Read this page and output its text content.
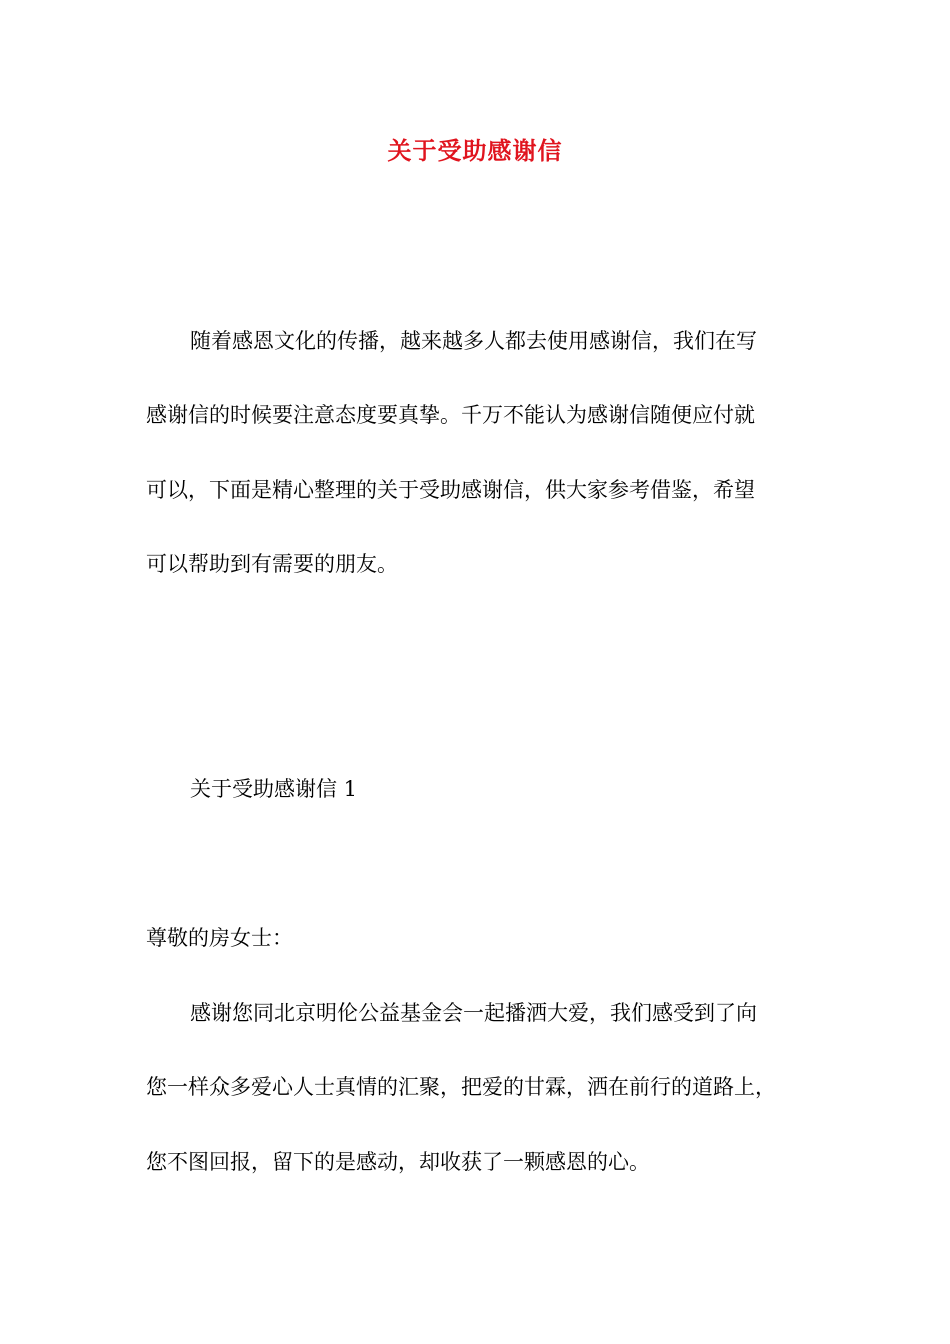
关于受助感谢信
随着感恩文化的传播，越来越多人都去使用感谢信，我们在写
感谢信的时候要注意态度要真挚。千万不能认为感谢信随便应付就
可以，下面是精心整理的关于受助感谢信，供大家参考借鉴，希望
可以帮助到有需要的朋友。
关于受助感谢信 1
尊敬的房女士：
感谢您同北京明伦公益基金会一起播洒大爱，我们感受到了向
您一样众多爱心人士真情的汇聚，把爱的甘霖，洒在前行的道路上，
您不图回报，留下的是感动，却收获了一颗感恩的心。
